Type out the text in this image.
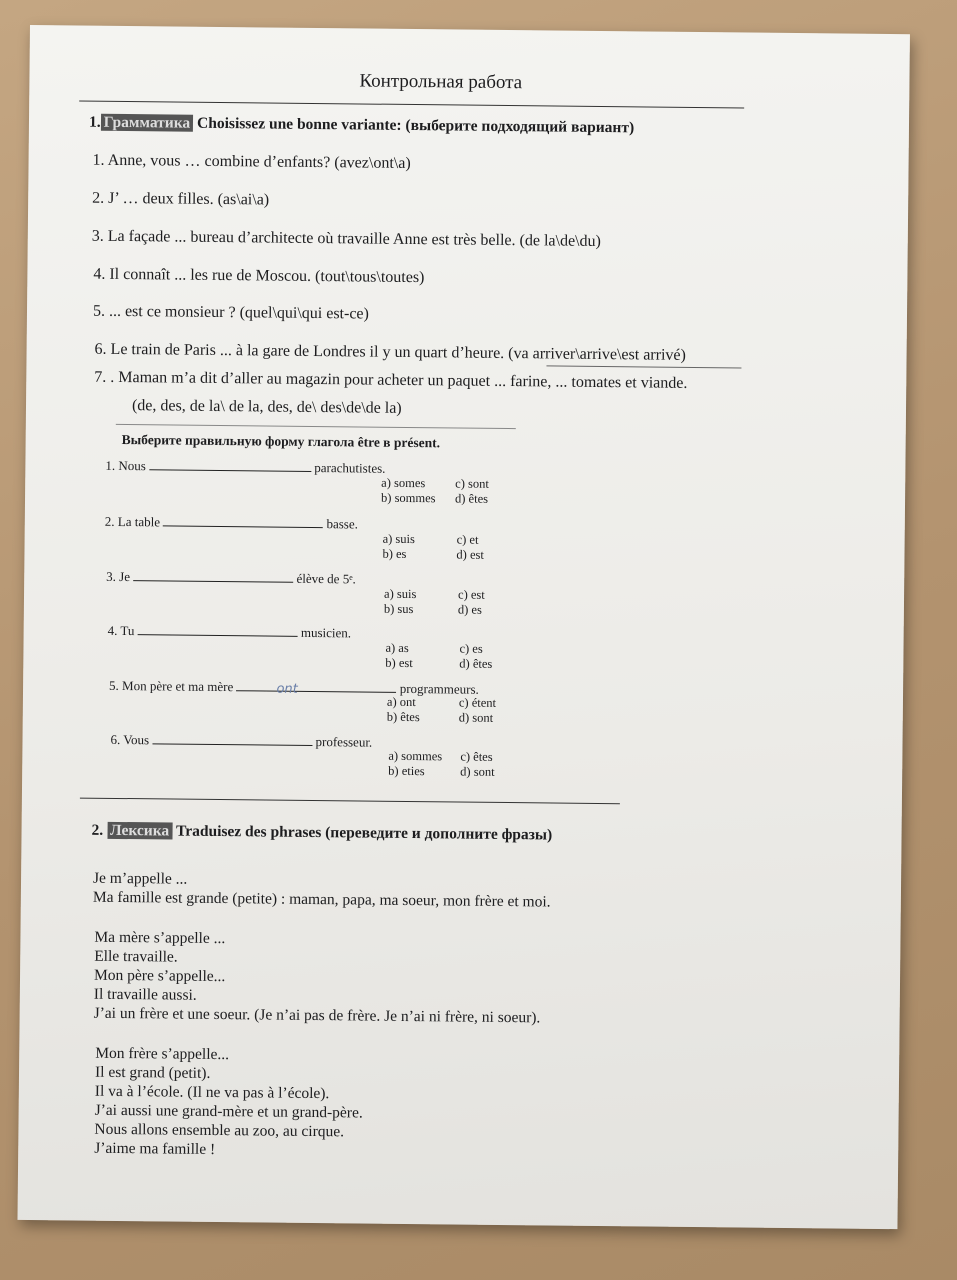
Контрольная работа
1. Грамматика Choisissez une bonne variante: (выберите подходящий вариант)
1. Anne, vous … combine d’enfants? (avez\ont\a)
2. J’ … deux filles. (as\ai\a)
3. La façade ... bureau d’architecte où travaille Anne est très belle. (de la\de\du)
4. Il connaît ... les rue de Moscou. (tout\tous\toutes)
5. ... est ce monsieur ? (quel\qui\qui est-ce)
6. Le train de Paris ... à la gare de Londres il y un quart d’heure. (va arriver\arrive\est arrivé)
7. . Maman m’a dit d’aller au magazin pour acheter un paquet ... farine, ... tomates et viande.
(de, des, de la\ de la, des, de\ des\de\de la)
Выберите правильную форму глагола être в présent.
1. Nous	parachutistes.
a) somes
b) sommes
c) sont
d) êtes
2. La table	basse.
a) suis
b) es
c) et
d) est
3. Je	élève de 5ᵉ.
a) suis
b) sus
c) est
d) es
4. Tu	musicien.
a) as
b) est
c) es
d) êtes
5. Mon père et ma mère	ont	programmeurs.
a) ont
b) êtes
c) étent
d) sont
6. Vous	professeur.
a) sommes
b) eties
c) êtes
d) sont
2. Лексика Traduisez des phrases (переведите и дополните фразы)
Je m’appelle ...
Ma famille est grande (petite) : maman, papa, ma soeur, mon frère et moi.
Ma mère s’appelle ...
Elle travaille.
Mon père s’appelle...
Il travaille aussi.
J’ai un frère et une soeur. (Je n’ai pas de frère. Je n’ai ni frère, ni soeur).
Mon frère s’appelle...
Il est grand (petit).
Il va à l’école. (Il ne va pas à l’école).
J’ai aussi une grand-mère et un grand-père.
Nous allons ensemble au zoo, au cirque.
J’aime ma famille !
